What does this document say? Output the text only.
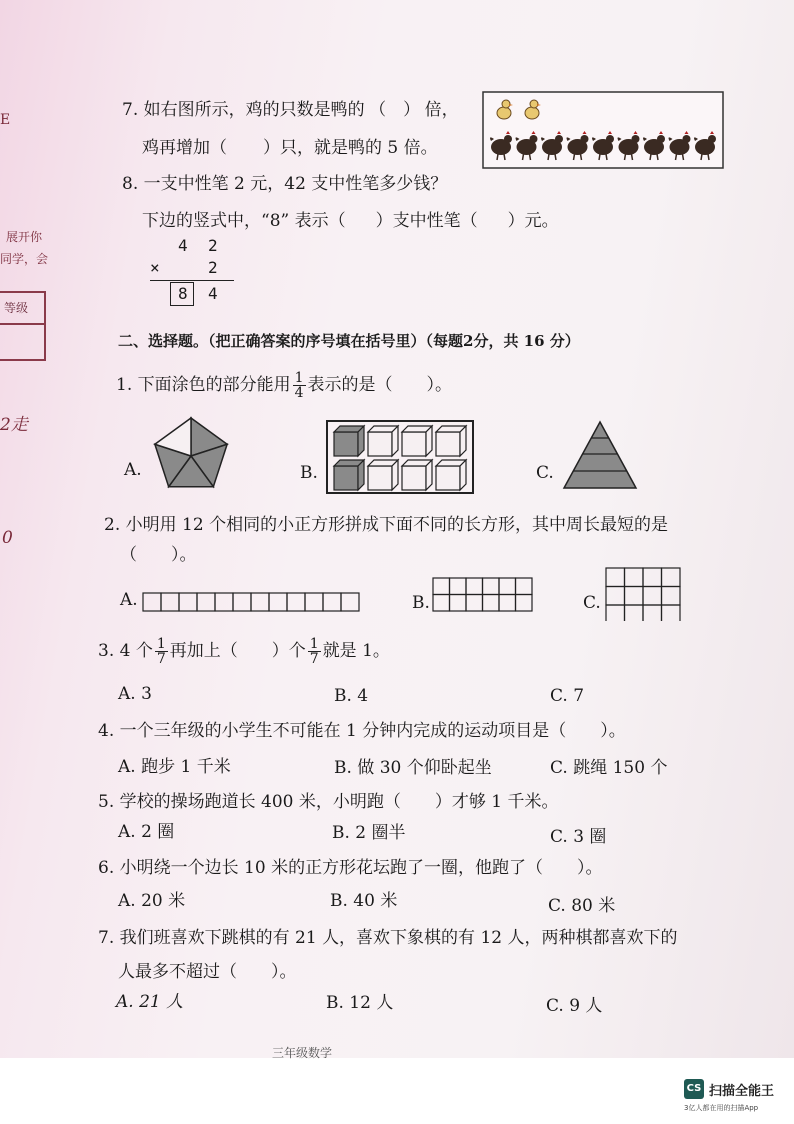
E
展开你
同学，会
等级
2走
0
7. 如右图所示，鸡的只数是鸭的 （　） 倍，
鸡再增加（ ）只，就是鸭的 5 倍。
8. 一支中性笔 2 元，42 支中性笔多少钱？
下边的竖式中，“8” 表示（ ）支中性笔（ ）元。
4 2
×	2
8 4
二、选择题。（把正确答案的序号填在括号里）（每题2分，共 16 分）
1. 下面涂色的部分能用 $\frac{1}{4}$ 表示的是（　　）。
A.	B.	C.
2. 小明用 12 个相同的小正方形拼成下面不同的长方形，其中周长最短的是
（　　）。
A.	B.	C.
3. 4 个 $\frac{1}{7}$ 再加上（　　）个 $\frac{1}{7}$ 就是 1。
A. 3	B. 4	C. 7
4. 一个三年级的小学生不可能在 1 分钟内完成的运动项目是（　　）。
A. 跑步 1 千米	B. 做 30 个仰卧起坐	C. 跳绳 150 个
5. 学校的操场跑道长 400 米，小明跑（　　）才够 1 千米。
A. 2 圈	B. 2 圈半	C. 3 圈
6. 小明绕一个边长 10 米的正方形花坛跑了一圈，他跑了（　　）。
A. 20 米	B. 40 米	C. 80 米
7. 我们班喜欢下跳棋的有 21 人，喜欢下象棋的有 12 人，两种棋都喜欢下的
人最多不超过（　　）。
A. 21 人	B. 12 人	C. 9 人
三年级数学
CS 扫描全能王
3亿人都在用的扫描App
